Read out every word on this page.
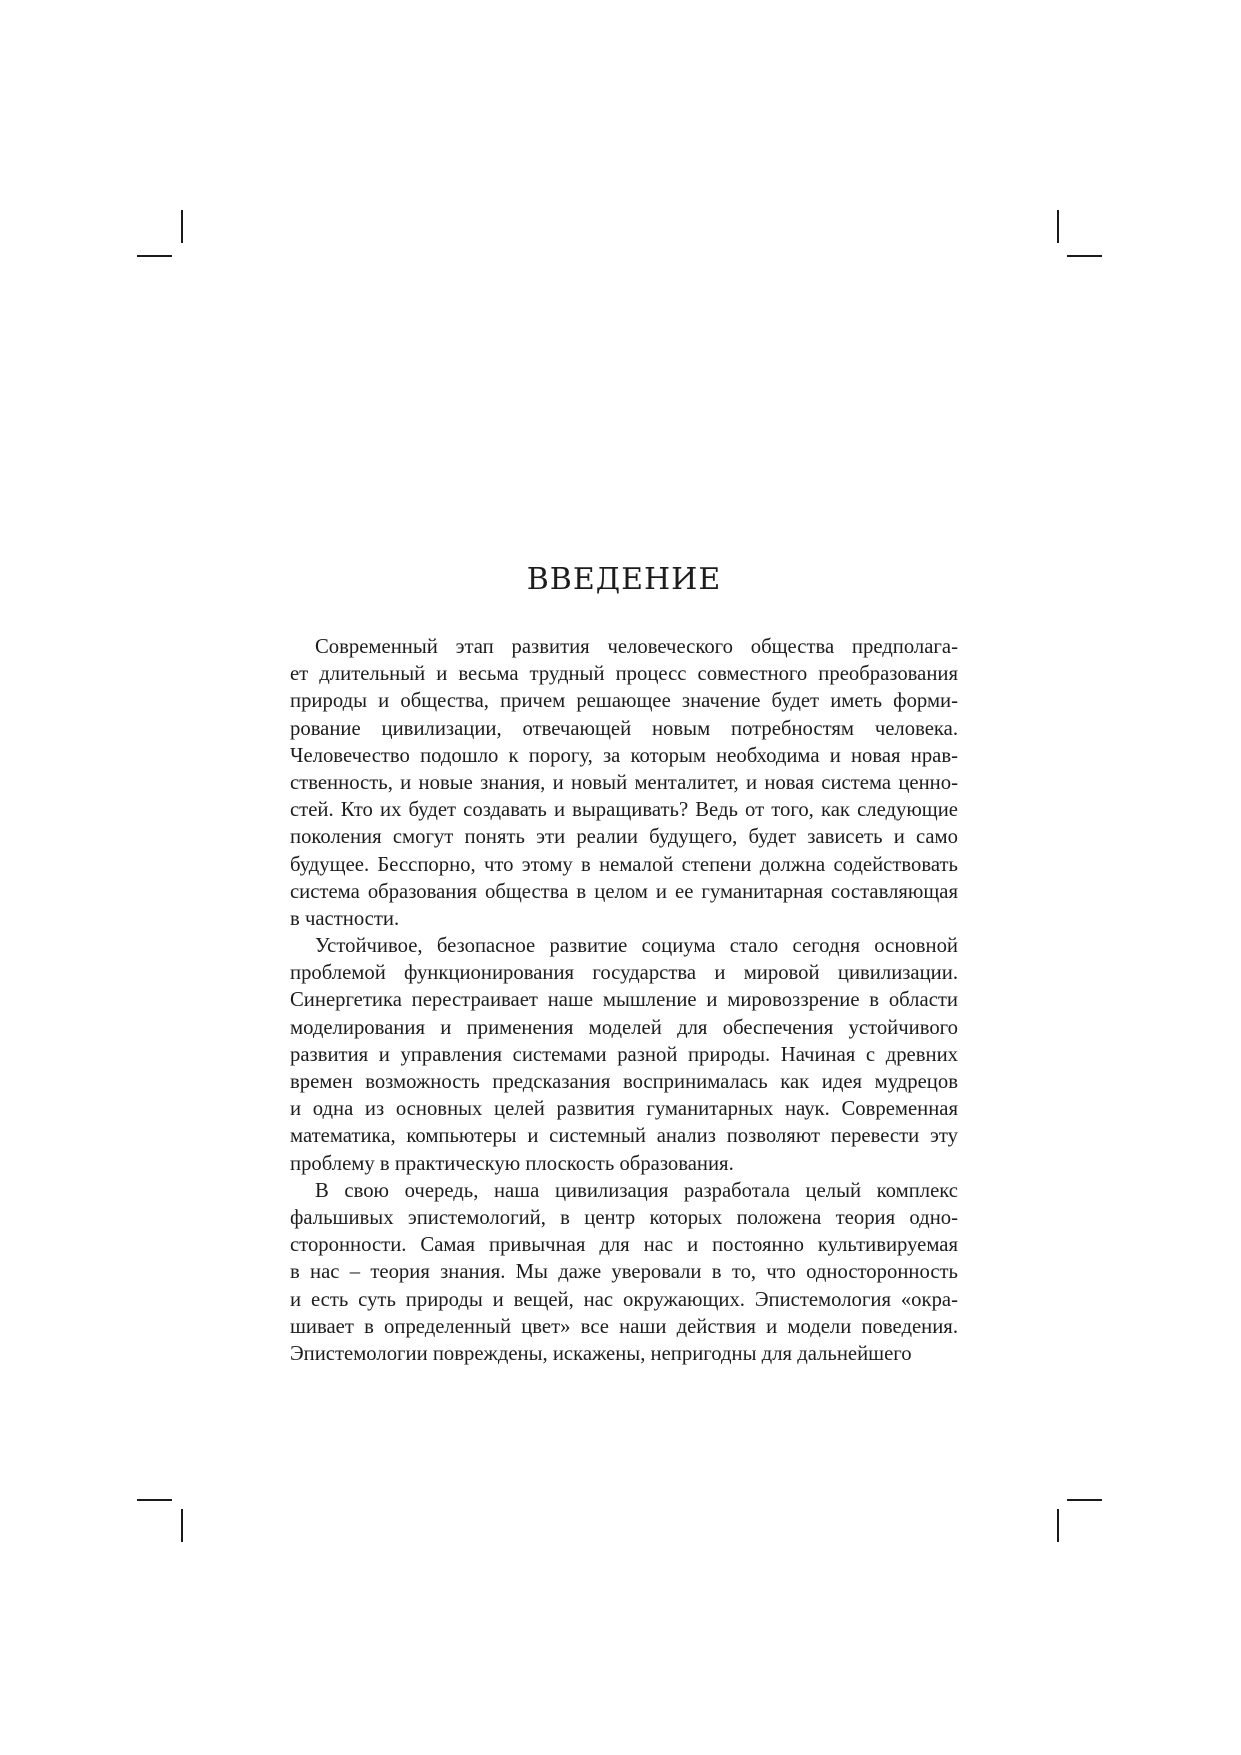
ВВЕДЕНИЕ
Современный этап развития человеческого общества предполага-
ет длительный и весьма трудный процесс совместного преобразования
природы и общества, причем решающее значение будет иметь форми-
рование цивилизации, отвечающей новым потребностям человека.
Человечество подошло к порогу, за которым необходима и новая нрав-
ственность, и новые знания, и новый менталитет, и новая система ценно-
стей. Кто их будет создавать и выращивать? Ведь от того, как следующие
поколения смогут понять эти реалии будущего, будет зависеть и само
будущее. Бесспорно, что этому в немалой степени должна содействовать
система образования общества в целом и ее гуманитарная составляющая
в частности.
Устойчивое, безопасное развитие социума стало сегодня основной
проблемой функционирования государства и мировой цивилизации.
Синергетика перестраивает наше мышление и мировоззрение в области
моделирования и применения моделей для обеспечения устойчивого
развития и управления системами разной природы. Начиная с древних
времен возможность предсказания воспринималась как идея мудрецов
и одна из основных целей развития гуманитарных наук. Современная
математика, компьютеры и системный анализ позволяют перевести эту
проблему в практическую плоскость образования.
В свою очередь, наша цивилизация разработала целый комплекс
фальшивых эпистемологий, в центр которых положена теория одно-
сторонности. Самая привычная для нас и постоянно культивируемая
в нас – теория знания. Мы даже уверовали в то, что односторонность
и есть суть природы и вещей, нас окружающих. Эпистемология «окра-
шивает в определенный цвет» все наши действия и модели поведения.
Эпистемологии повреждены, искажены, непригодны для дальнейшего
